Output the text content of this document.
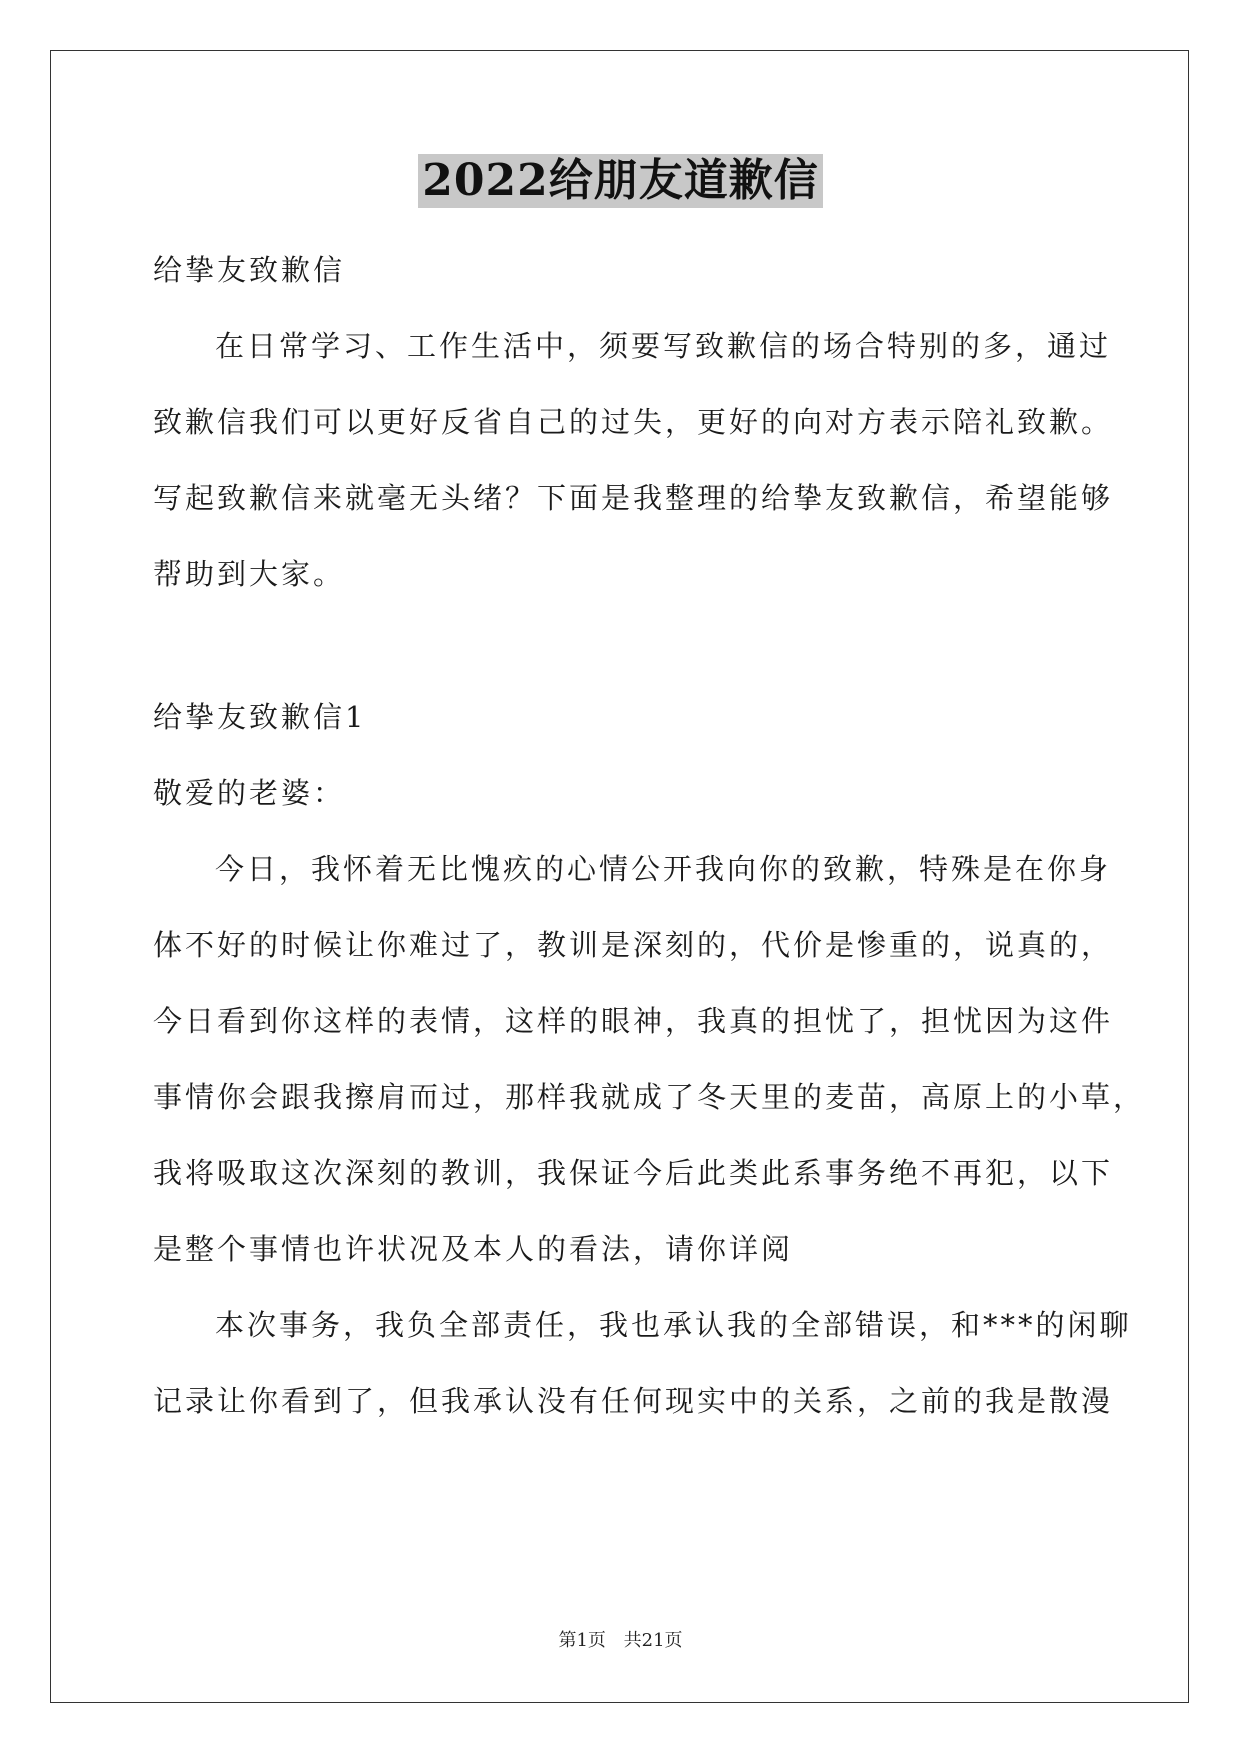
2022给朋友道歉信

给挚友致歉信

在日常学习、工作生活中，须要写致歉信的场合特别的多，通过

致歉信我们可以更好反省自己的过失，更好的向对方表示陪礼致歉。

写起致歉信来就毫无头绪？下面是我整理的给挚友致歉信，希望能够

帮助到大家。

给挚友致歉信1

敬爱的老婆：

今日，我怀着无比愧疚的心情公开我向你的致歉，特殊是在你身

体不好的时候让你难过了，教训是深刻的，代价是惨重的，说真的，

今日看到你这样的表情，这样的眼神，我真的担忧了，担忧因为这件

事情你会跟我擦肩而过，那样我就成了冬天里的麦苗，高原上的小草，

我将吸取这次深刻的教训，我保证今后此类此系事务绝不再犯，以下

是整个事情也许状况及本人的看法，请你详阅

本次事务，我负全部责任，我也承认我的全部错误，和***的闲聊

记录让你看到了，但我承认没有任何现实中的关系，之前的我是散漫

第1页 共21页
